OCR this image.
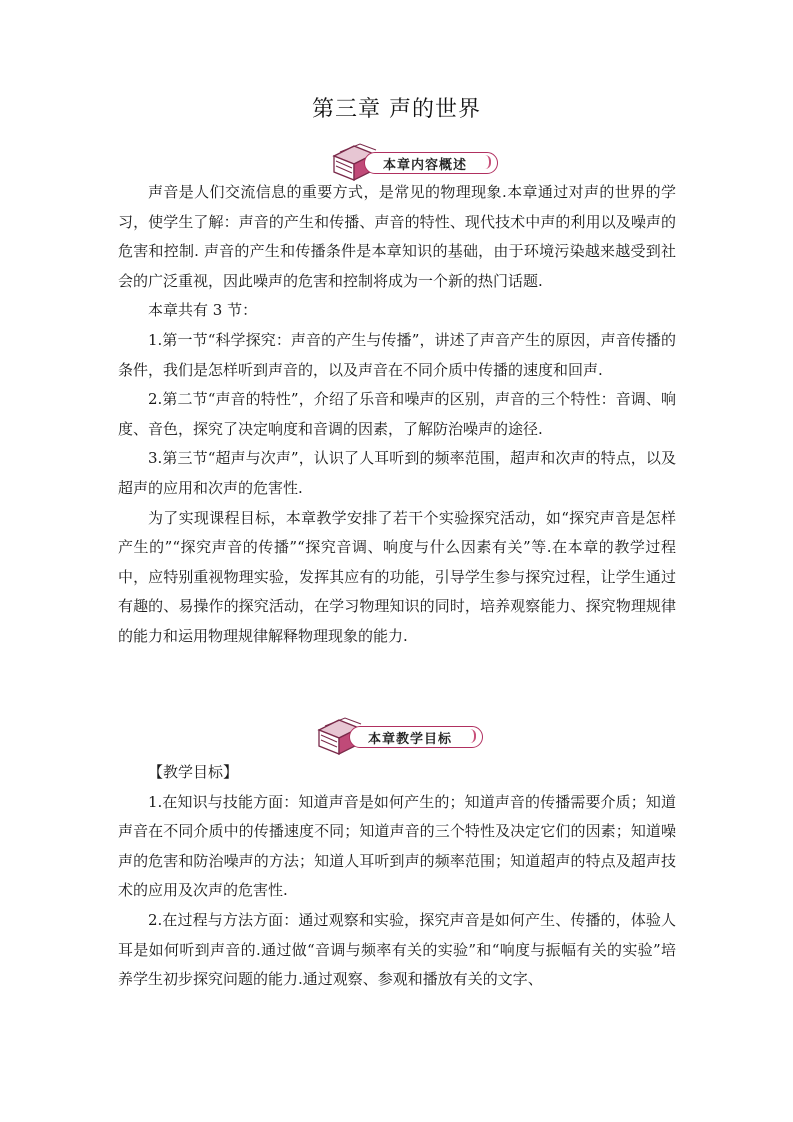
第三章 声的世界
本章内容概述

声音是人们交流信息的重要方式，是常见的物理现象.本章通过对声的世界的学习，使学生了解：声音的产生和传播、声音的特性、现代技术中声的利用以及噪声的危害和控制. 声音的产生和传播条件是本章知识的基础，由于环境污染越来越受到社会的广泛重视，因此噪声的危害和控制将成为一个新的热门话题.

本章共有 3 节：

1.第一节“科学探究：声音的产生与传播”，讲述了声音产生的原因，声音传播的条件，我们是怎样听到声音的，以及声音在不同介质中传播的速度和回声.

2.第二节“声音的特性”，介绍了乐音和噪声的区别，声音的三个特性：音调、响度、音色，探究了决定响度和音调的因素，了解防治噪声的途径.

3.第三节“超声与次声”，认识了人耳听到的频率范围，超声和次声的特点，以及超声的应用和次声的危害性.

为了实现课程目标，本章教学安排了若干个实验探究活动，如“探究声音是怎样产生的”“探究声音的传播”“探究音调、响度与什么因素有关”等.在本章的教学过程中，应特别重视物理实验，发挥其应有的功能，引导学生参与探究过程，让学生通过有趣的、易操作的探究活动，在学习物理知识的同时，培养观察能力、探究物理规律的能力和运用物理规律解释物理现象的能力.

本章教学目标

【教学目标】

1.在知识与技能方面：知道声音是如何产生的；知道声音的传播需要介质；知道声音在不同介质中的传播速度不同；知道声音的三个特性及决定它们的因素；知道噪声的危害和防治噪声的方法；知道人耳听到声的频率范围；知道超声的特点及超声技术的应用及次声的危害性.

2.在过程与方法方面：通过观察和实验，探究声音是如何产生、传播的，体验人耳是如何听到声音的.通过做“音调与频率有关的实验”和“响度与振幅有关的实验”培养学生初步探究问题的能力.通过观察、参观和播放有关的文字、
